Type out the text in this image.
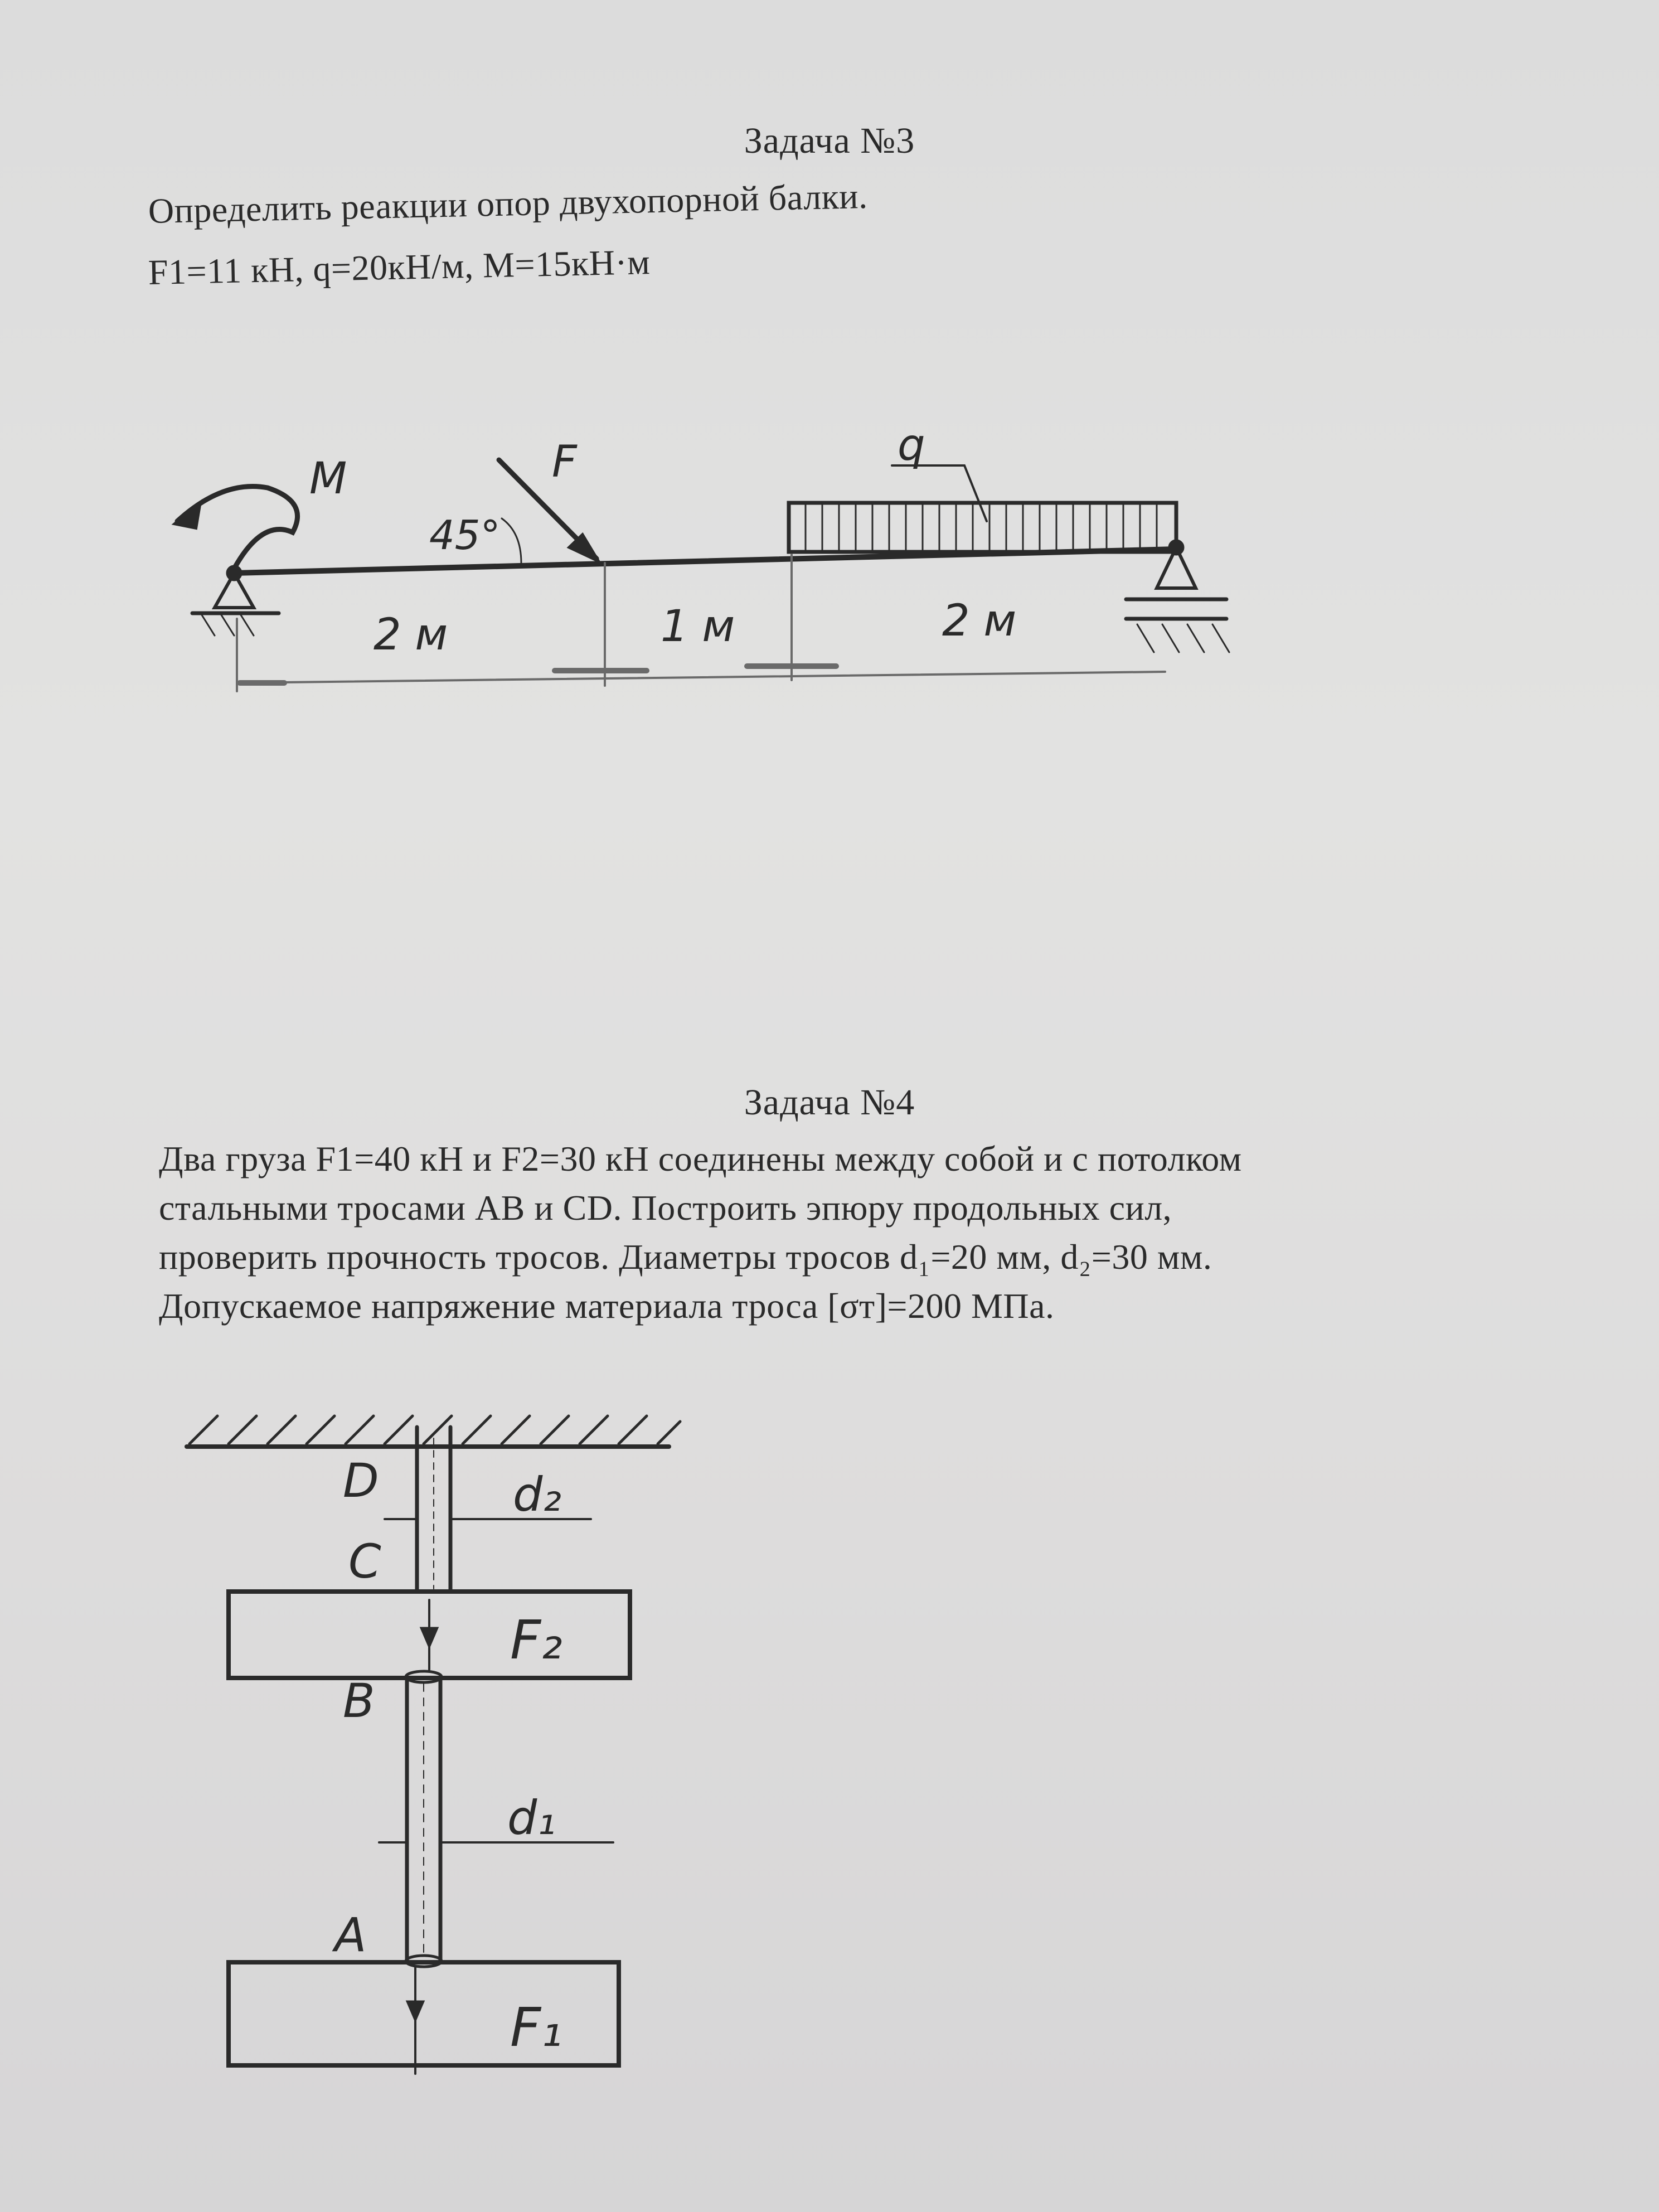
Задача №3
Определить реакции опор двухопорной балки.
F1=11 кН, q=20кН/м, M=15кН·м
M	F
45°
q
2 м	1 м	2 м
Задача №4
Два груза F1=40 кН и F2=30 кН соединены между собой и с потолком
стальными тросами AB и CD. Построить эпюру продольных сил,
проверить прочность тросов. Диаметры тросов d₁=20 мм, d₂=30 мм.
Допускаемое напряжение материала троса [σт]=200 МПа.
D
C
B
A
d₂
d₁
F₂
F₁
